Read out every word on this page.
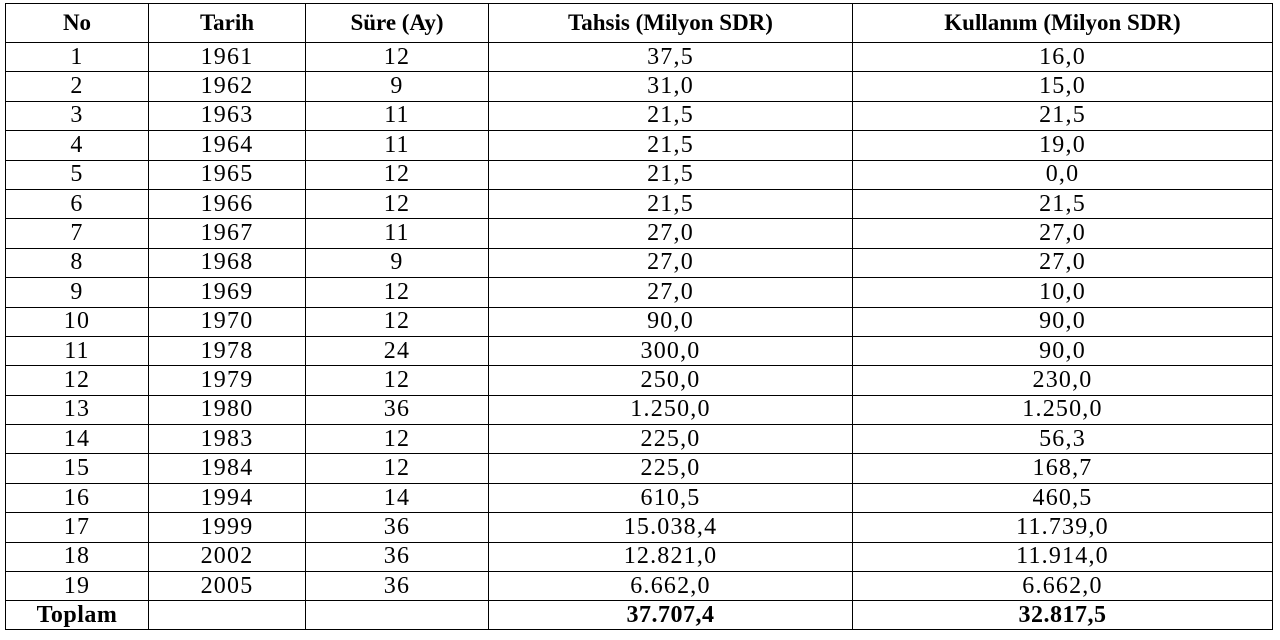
No	Tarih	Süre (Ay)	Tahsis (Milyon SDR)	Kullanım (Milyon SDR)
1	1961	12	37,5	16,0
2	1962	9	31,0	15,0
3	1963	11	21,5	21,5
4	1964	11	21,5	19,0
5	1965	12	21,5	0,0
6	1966	12	21,5	21,5
7	1967	11	27,0	27,0
8	1968	9	27,0	27,0
9	1969	12	27,0	10,0
10	1970	12	90,0	90,0
11	1978	24	300,0	90,0
12	1979	12	250,0	230,0
13	1980	36	1.250,0	1.250,0
14	1983	12	225,0	56,3
15	1984	12	225,0	168,7
16	1994	14	610,5	460,5
17	1999	36	15.038,4	11.739,0
18	2002	36	12.821,0	11.914,0
19	2005	36	6.662,0	6.662,0
Toplam			37.707,4	32.817,5
